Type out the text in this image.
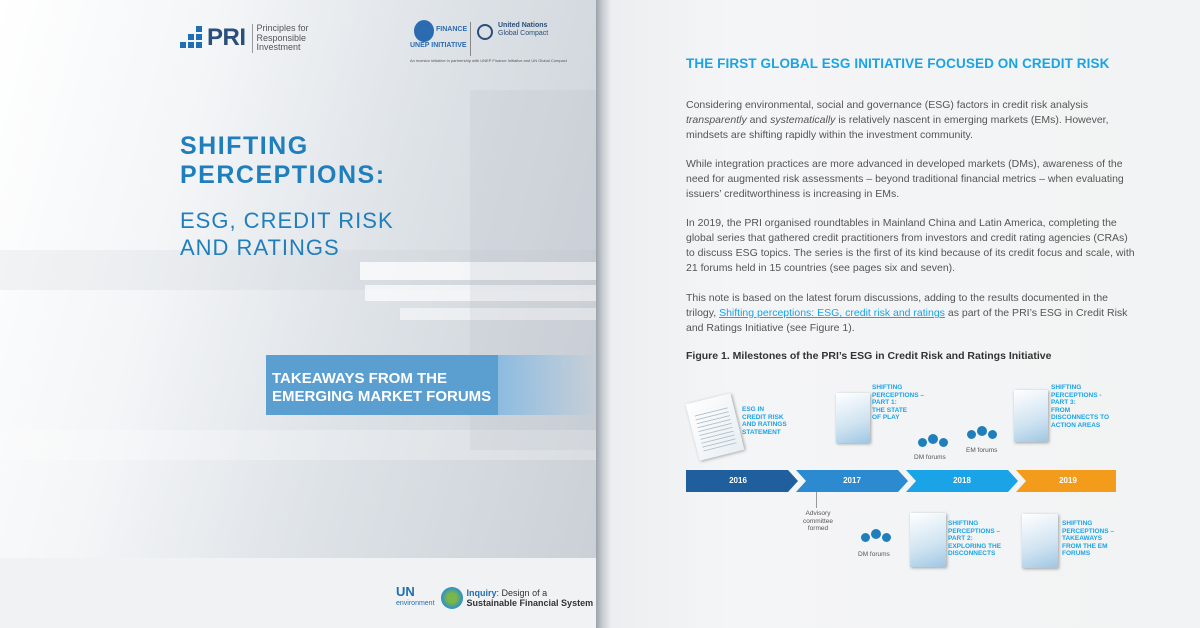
PRI Principles for
Responsible
Investment
FINANCE
UNEP INITIATIVE
United Nations
Global Compact
An investor initiative in partnership with UNEP Finance Initiative and UN Global Compact
SHIFTING
PERCEPTIONS:
ESG, CREDIT RISK
AND RATINGS
TAKEAWAYS FROM THE
EMERGING MARKET FORUMS
UN
environment
Inquiry: Design of a
Sustainable Financial System
THE FIRST GLOBAL ESG INITIATIVE FOCUSED ON CREDIT RISK
Considering environmental, social and governance (ESG) factors in credit risk analysis transparently and systematically is relatively nascent in emerging markets (EMs). However, mindsets are shifting rapidly within the investment community.
While integration practices are more advanced in developed markets (DMs), awareness of the need for augmented risk assessments – beyond traditional financial metrics – when evaluating issuers’ creditworthiness is increasing in EMs.
In 2019, the PRI organised roundtables in Mainland China and Latin America, completing the global series that gathered credit practitioners from investors and credit rating agencies (CRAs) to discuss ESG topics. The series is the first of its kind because of its credit focus and scale, with 21 forums held in 15 countries (see pages six and seven).
This note is based on the latest forum discussions, adding to the results documented in the trilogy, Shifting perceptions: ESG, credit risk and ratings as part of the PRI’s ESG in Credit Risk and Ratings Initiative (see Figure 1).
Figure 1. Milestones of the PRI’s ESG in Credit Risk and Ratings Initiative
ESG IN
CREDIT RISK
AND RATINGS
STATEMENT
SHIFTING
PERCEPTIONS –
PART 1:
THE STATE
OF PLAY
DM forums
EM forums
SHIFTING
PERCEPTIONS -
PART 3:
FROM
DISCONNECTS TO
ACTION AREAS
2016	2017	2018	2019
Advisory
committee
formed
DM forums
SHIFTING
PERCEPTIONS –
PART 2:
EXPLORING THE
DISCONNECTS
SHIFTING
PERCEPTIONS –
TAKEAWAYS
FROM THE EM
FORUMS
